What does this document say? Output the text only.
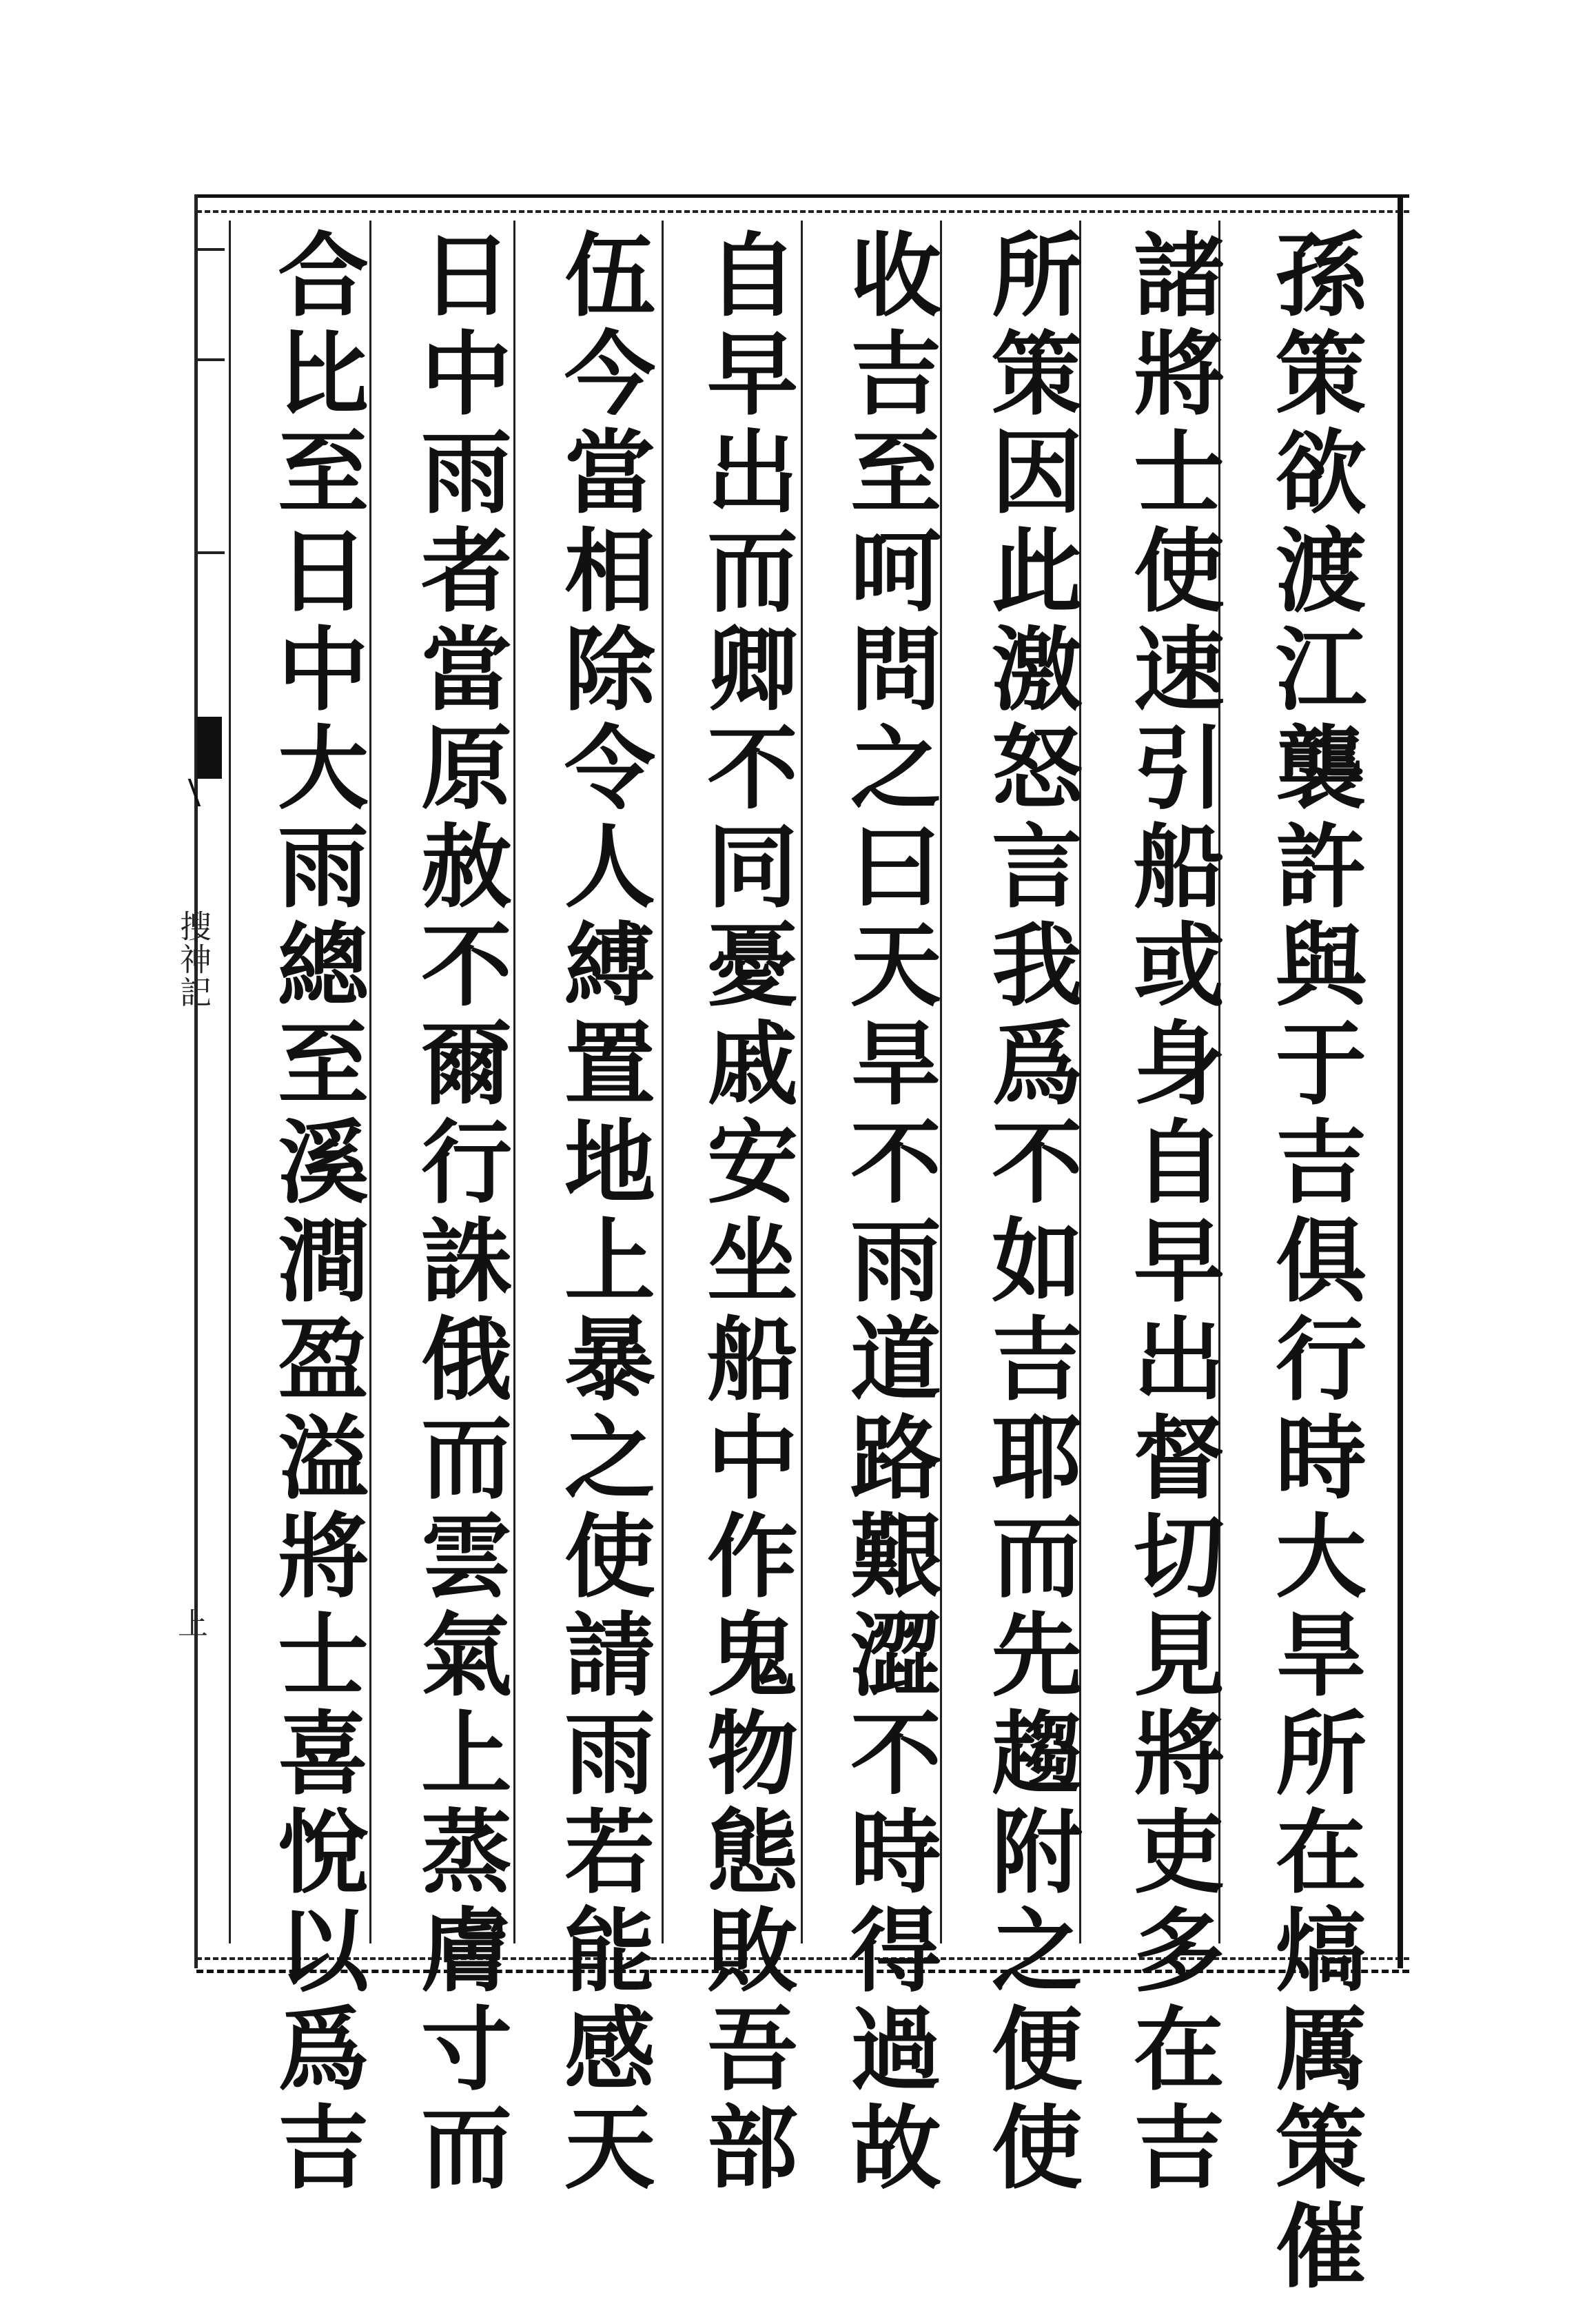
孫策欲渡江襲許與于吉俱行時大旱所在熇厲策催
諸將士使速引船或身自早出督切見將吏多在吉
所策因此激怒言我爲不如吉耶而先趨附之便使
收吉至呵問之曰天旱不雨道路艱澀不時得過故
自早出而卿不同憂戚安坐船中作鬼物態敗吾部
伍今當相除令人縛置地上暴之使請雨若能感天
日中雨者當原赦不爾行誅俄而雲氣上蒸膚寸而
合比至日中大雨總至溪澗盈溢將士喜悅以爲吉
搜神記
上
